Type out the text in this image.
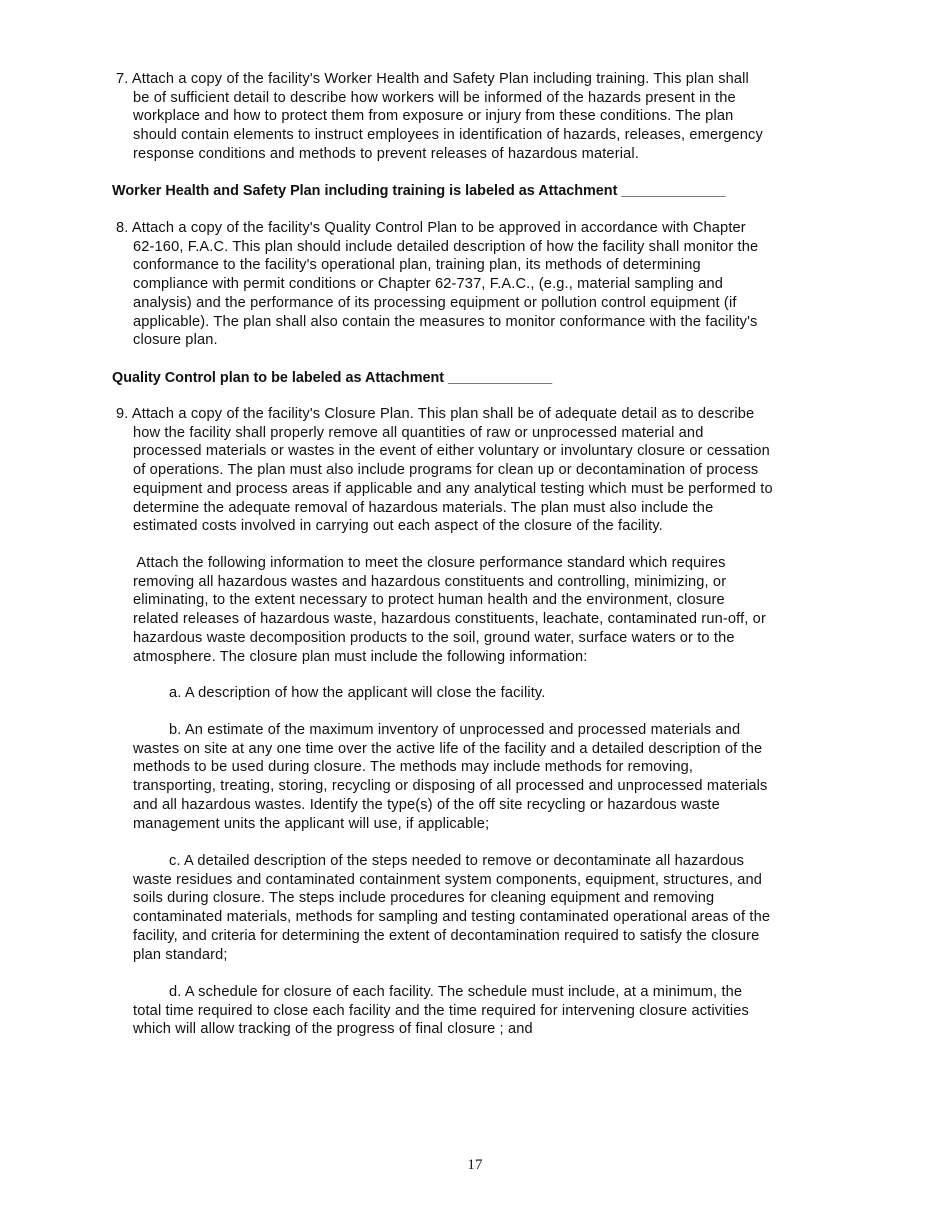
7. Attach a copy of the facility's Worker Health and Safety Plan including training. This plan shall
be of sufficient detail to describe how workers will be informed of the hazards present in the
workplace and how to protect them from exposure or injury from these conditions. The plan
should contain elements to instruct employees in identification of hazards, releases, emergency
response conditions and methods to prevent releases of hazardous material.

Worker Health and Safety Plan including training is labeled as Attachment _____________

8. Attach a copy of the facility's Quality Control Plan to be approved in accordance with Chapter
62-160, F.A.C. This plan should include detailed description of how the facility shall monitor the
conformance to the facility's operational plan, training plan, its methods of determining
compliance with permit conditions or Chapter 62-737, F.A.C., (e.g., material sampling and
analysis) and the performance of its processing equipment or pollution control equipment (if
applicable). The plan shall also contain the measures to monitor conformance with the facility's
closure plan.

Quality Control plan to be labeled as Attachment _____________

9. Attach a copy of the facility's Closure Plan. This plan shall be of adequate detail as to describe
how the facility shall properly remove all quantities of raw or unprocessed material and
processed materials or wastes in the event of either voluntary or involuntary closure or cessation
of operations. The plan must also include programs for clean up or decontamination of process
equipment and process areas if applicable and any analytical testing which must be performed to
determine the adequate removal of hazardous materials. The plan must also include the
estimated costs involved in carrying out each aspect of the closure of the facility.
Attach the following information to meet the closure performance standard which requires
removing all hazardous wastes and hazardous constituents and controlling, minimizing, or
eliminating, to the extent necessary to protect human health and the environment, closure
related releases of hazardous waste, hazardous constituents, leachate, contaminated run-off, or
hazardous waste decomposition products to the soil, ground water, surface waters or to the
atmosphere. The closure plan must include the following information:
a. A description of how the applicant will close the facility.
b. An estimate of the maximum inventory of unprocessed and processed materials and
wastes on site at any one time over the active life of the facility and a detailed description of the
methods to be used during closure. The methods may include methods for removing,
transporting, treating, storing, recycling or disposing of all processed and unprocessed materials
and all hazardous wastes. Identify the type(s) of the off site recycling or hazardous waste
management units the applicant will use, if applicable;
c. A detailed description of the steps needed to remove or decontaminate all hazardous
waste residues and contaminated containment system components, equipment, structures, and
soils during closure. The steps include procedures for cleaning equipment and removing
contaminated materials, methods for sampling and testing contaminated operational areas of the
facility, and criteria for determining the extent of decontamination required to satisfy the closure
plan standard;
d. A schedule for closure of each facility. The schedule must include, at a minimum, the
total time required to close each facility and the time required for intervening closure activities
which will allow tracking of the progress of final closure ; and
17
